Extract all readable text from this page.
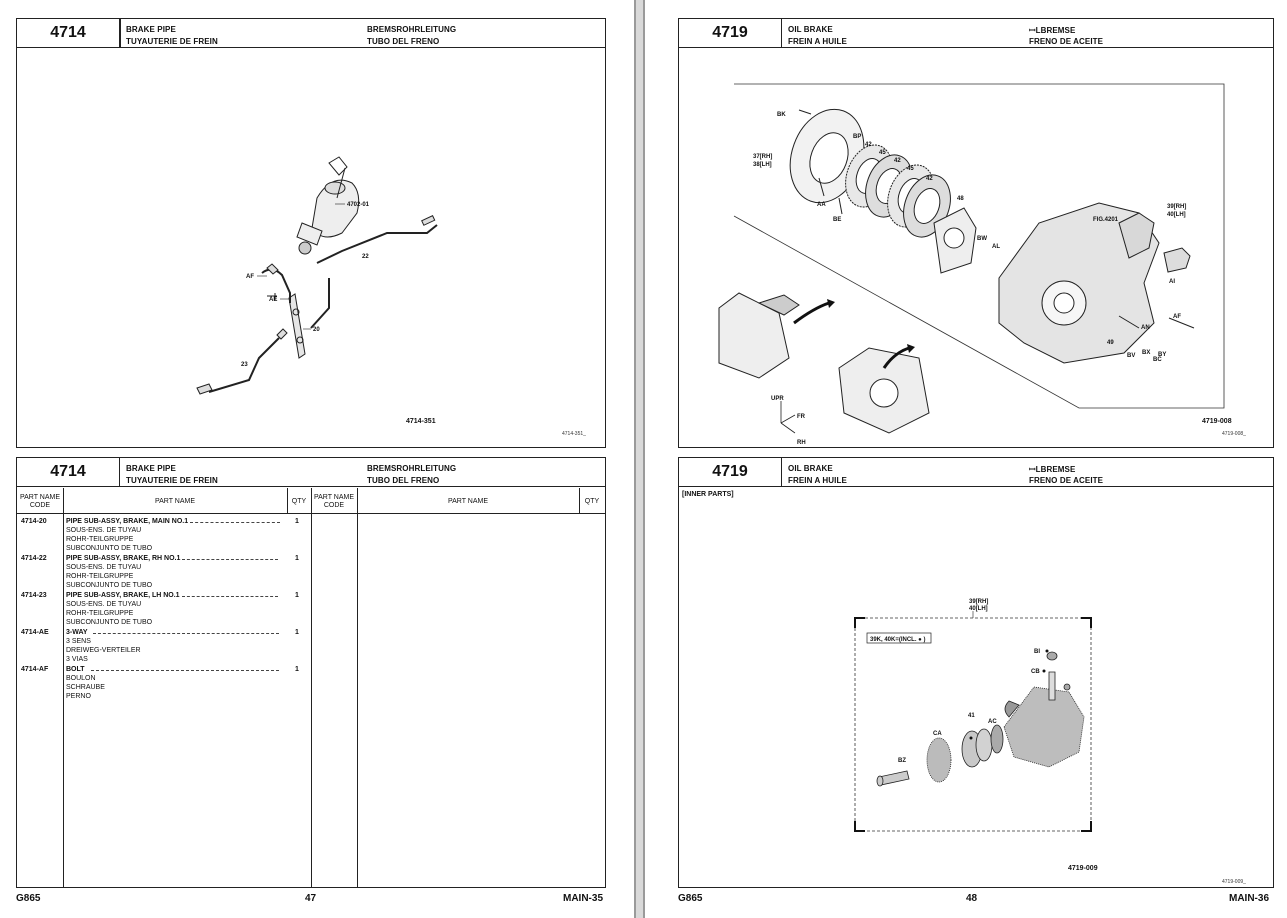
4714	BRAKE PIPE
TUYAUTERIE DE FREIN
BREMSROHRLEITUNG
TUBO DEL FRENO
4702-01
22
AF
AE
20
23
4714-351
4714-351_
4714	BRAKE PIPE
TUYAUTERIE DE FREIN
BREMSROHRLEITUNG
TUBO DEL FRENO
PART NAME CODE
PART NAME	QTY
PART NAME CODE
PART NAME	QTY
4714-20	PIPE SUB-ASSY, BRAKE, MAIN NO.1	1
SOUS-ENS. DE TUYAU
ROHR-TEILGRUPPE
SUBCONJUNTO DE TUBO
4714-22	PIPE SUB-ASSY, BRAKE, RH NO.1	1
SOUS-ENS. DE TUYAU
ROHR-TEILGRUPPE
SUBCONJUNTO DE TUBO
4714-23	PIPE SUB-ASSY, BRAKE, LH NO.1	1
SOUS-ENS. DE TUYAU
ROHR-TEILGRUPPE
SUBCONJUNTO DE TUBO
4714-AE 3-WAY	1
3 SENS
DREIWEG-VERTEILER
3 VIAS
4714-AF	BOLT	1
BOULON
SCHRAUBE
PERNO
G865	47	MAIN-35
4719	OIL BRAKE
FREIN A HUILE
ꟷLBREMSE
FRENO DE ACEITE
UPR
FR
RH
BK
BP
42
45
42
45
42
37[RH]
38[LH]
AA
BE
48
BW
AL
FIG.4201
39[RH]
40[LH]
AI
AF
AN
BX BY
BC
BV
49
4719-008
4719-008_
4719	OIL BRAKE
FREIN A HUILE
ꟷLBREMSE
FRENO DE ACEITE
[INNER PARTS]
39[RH]
40[LH]
39K, 40K=(INCL. ● )
BI
CB
41
AC
CA
BZ
4719-009
4719-009_
G865	48	MAIN-36
